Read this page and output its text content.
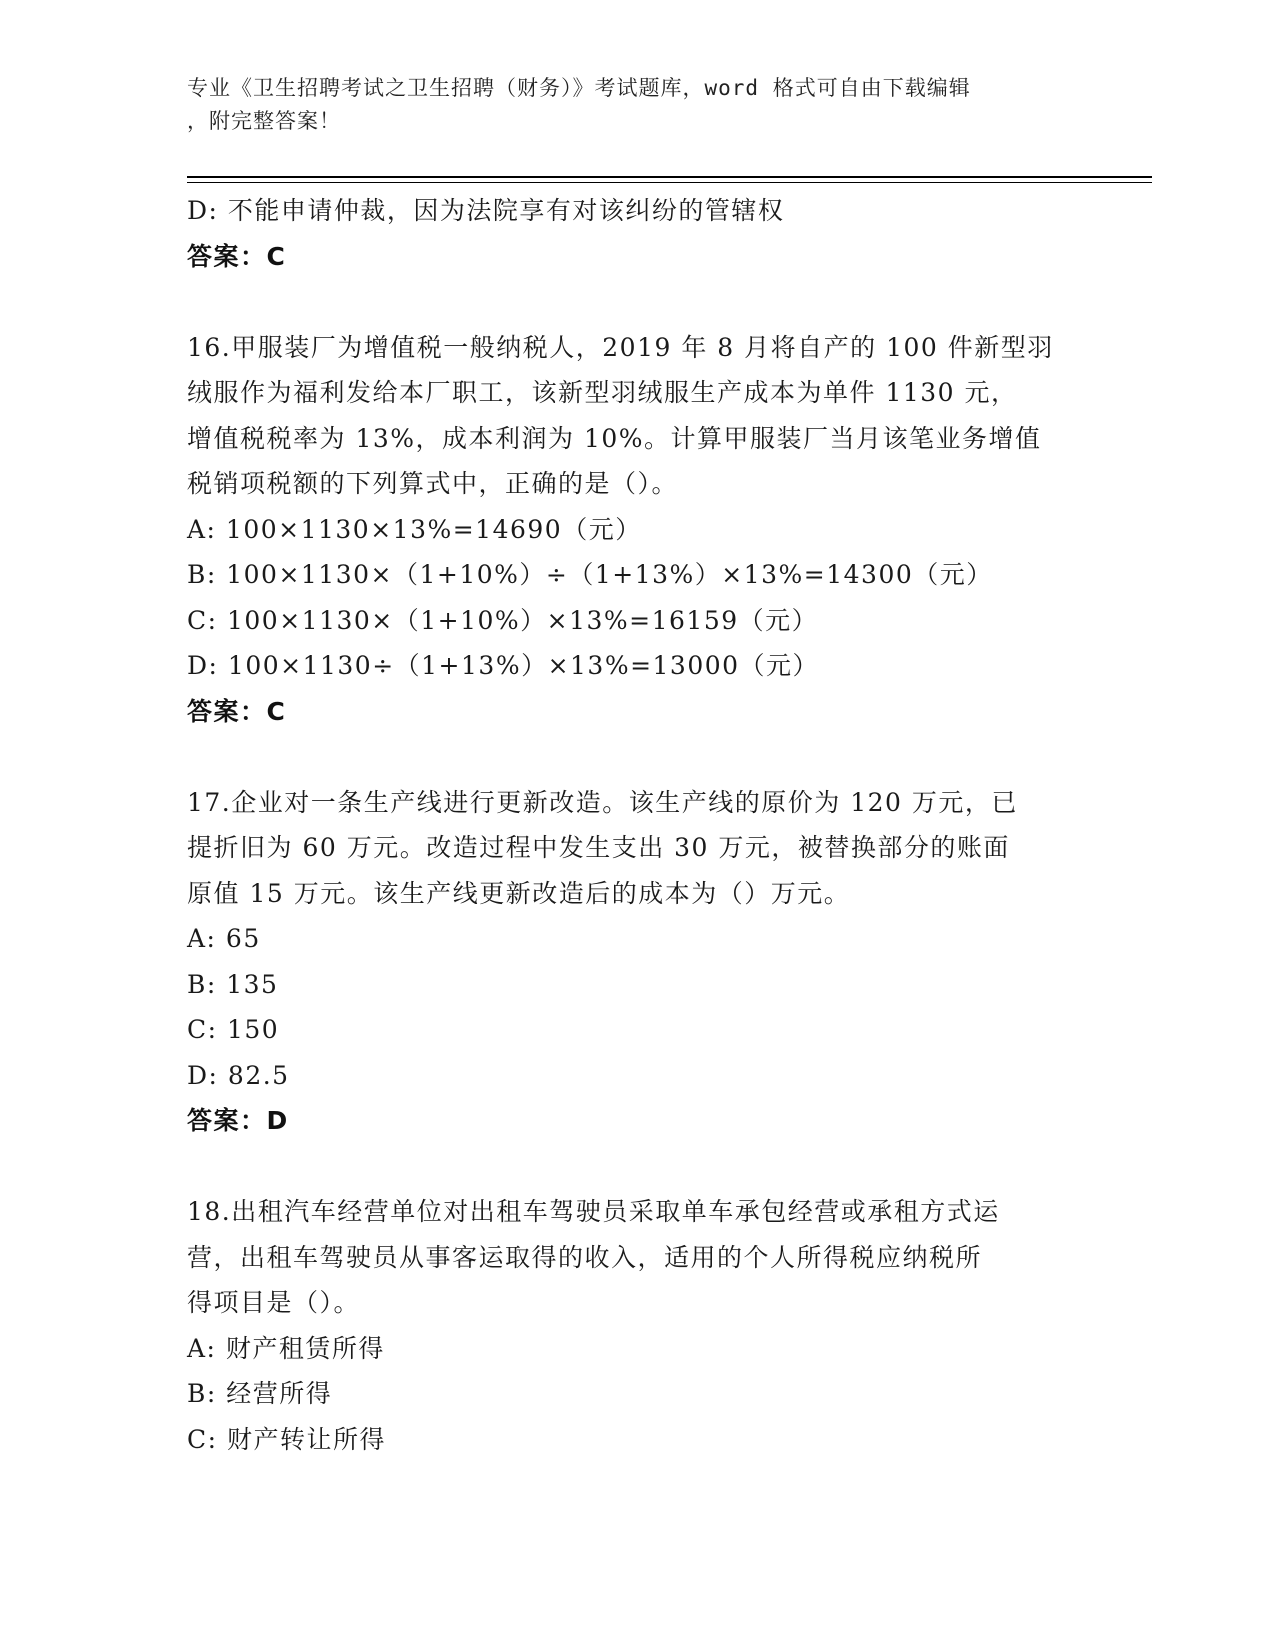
专业《卫生招聘考试之卫生招聘（财务）》考试题库，word 格式可自由下载编辑
，附完整答案！
D: 不能申请仲裁，因为法院享有对该纠纷的管辖权
答案：C
16.甲服装厂为增值税一般纳税人，2019 年 8 月将自产的 100 件新型羽
绒服作为福利发给本厂职工，该新型羽绒服生产成本为单件 1130 元，
增值税税率为 13%，成本利润为 10%。计算甲服装厂当月该笔业务增值
税销项税额的下列算式中，正确的是（）。
A: 100×1130×13%=14690（元）
B: 100×1130×（1+10%）÷（1+13%）×13%=14300（元）
C: 100×1130×（1+10%）×13%=16159（元）
D: 100×1130÷（1+13%）×13%=13000（元）
答案：C
17.企业对一条生产线进行更新改造。该生产线的原价为 120 万元，已
提折旧为 60 万元。改造过程中发生支出 30 万元，被替换部分的账面
原值 15 万元。该生产线更新改造后的成本为（）万元。
A: 65
B: 135
C: 150
D: 82.5
答案：D
18.出租汽车经营单位对出租车驾驶员采取单车承包经营或承租方式运
营，出租车驾驶员从事客运取得的收入，适用的个人所得税应纳税所
得项目是（）。
A: 财产租赁所得
B: 经营所得
C: 财产转让所得
